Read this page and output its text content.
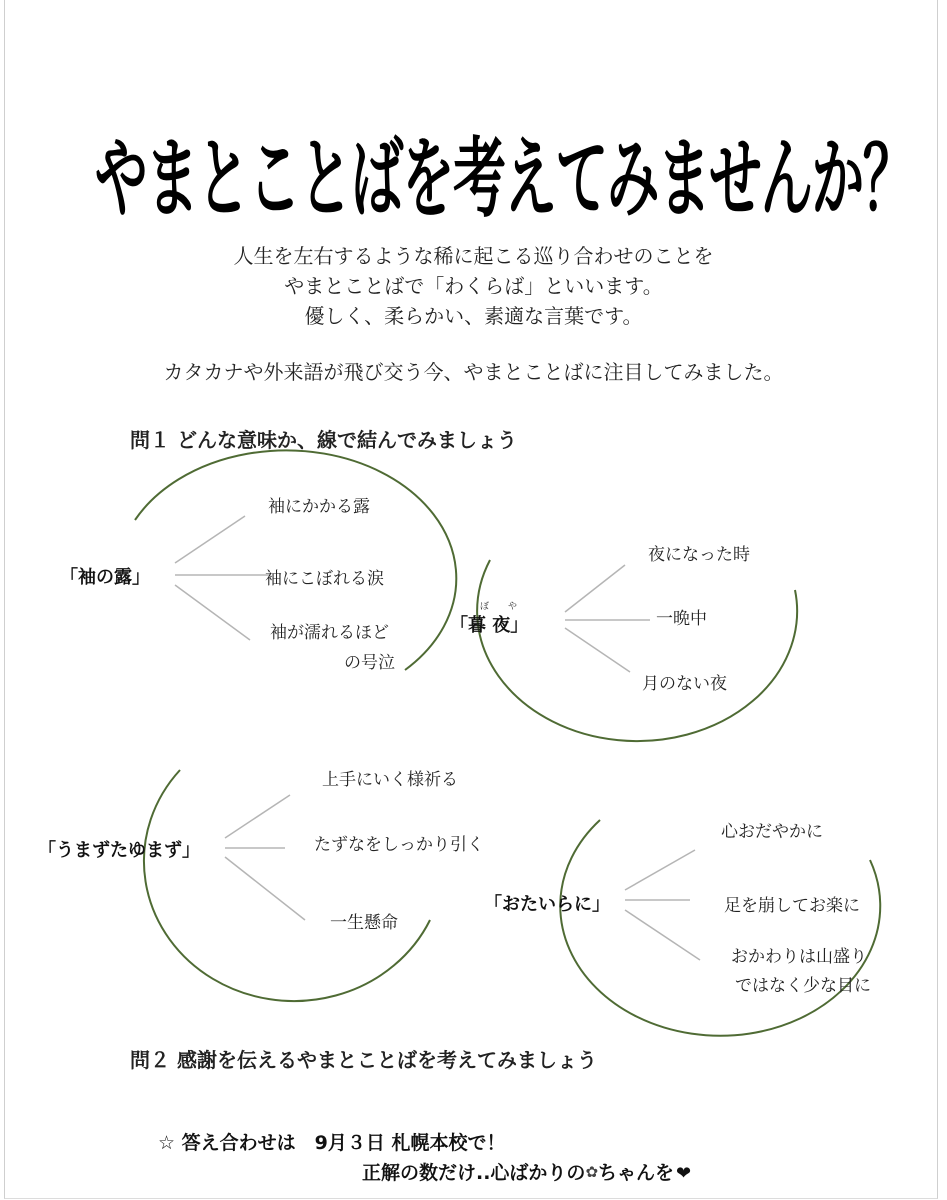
やまとことばを考えてみませんか？
人生を左右するような稀に起こる巡り合わせのことを
やまとことばで「わくらば」といいます。
優しく、柔らかい、素適な言葉です。
カタカナや外来語が飛び交う今、やまとことばに注目してみました。
問１ どんな意味か、線で結んでみましょう
「袖の露」
袖にかかる露
袖にこぼれる涙
袖が濡れるほど
の号泣
ぼ や
「暮 夜」
夜になった時
一晩中
月のない夜
「うまずたゆまず」
上手にいく様祈る
たずなをしっかり引く
一生懸命
「おたいらに」
心おだやかに
足を崩してお楽に
おかわりは山盛り
ではなく少な目に
問２ 感謝を伝えるやまとことばを考えてみましょう
☆ 答え合わせは　9月３日 札幌本校で！
正解の数だけ..心ばかりの✿ちゃんを ❤
